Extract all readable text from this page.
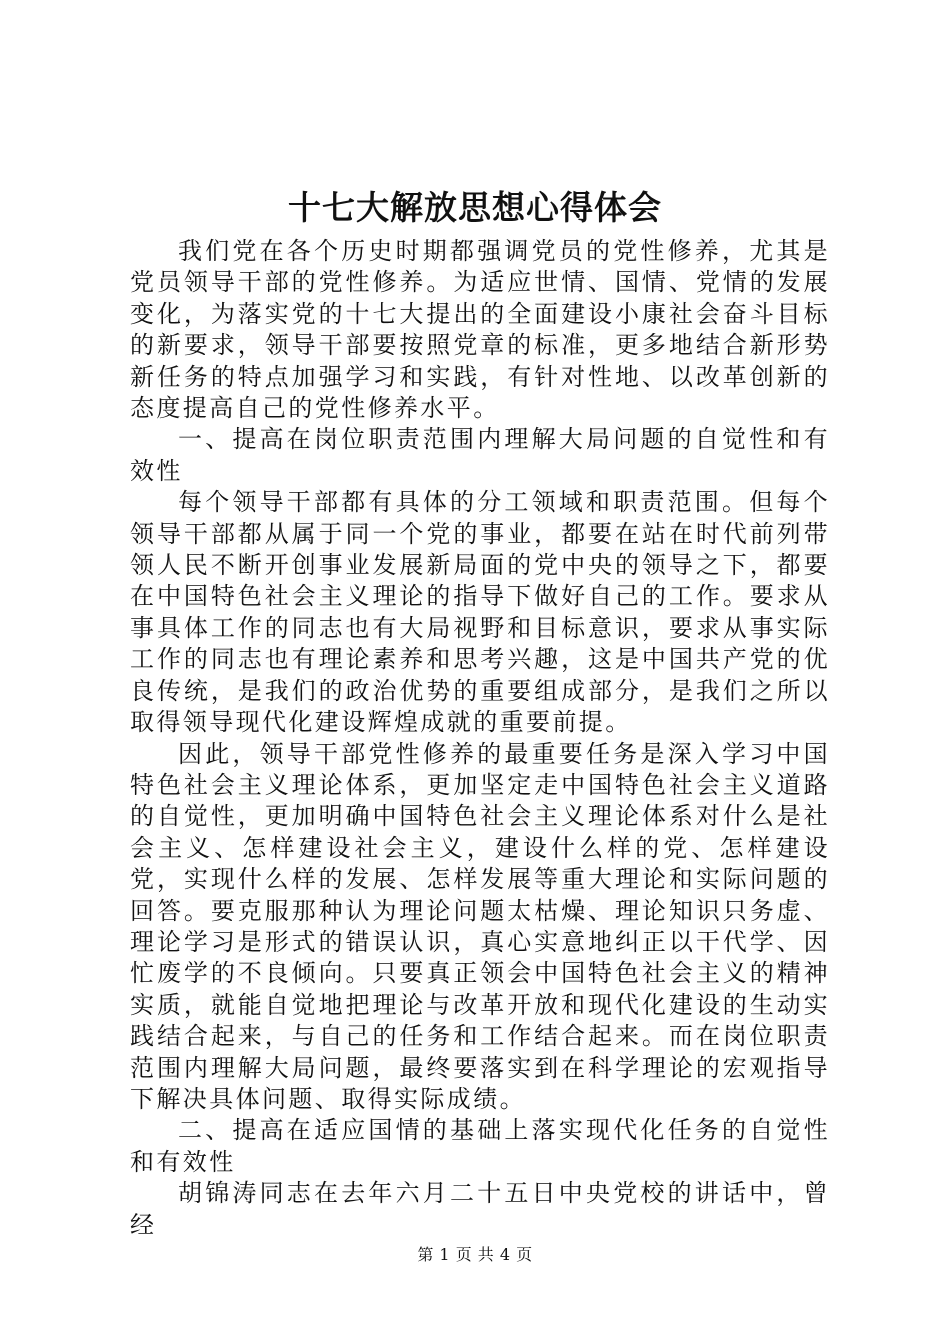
十七大解放思想心得体会

我们党在各个历史时期都强调党员的党性修养，尤其是党员领导干部的党性修养。为适应世情、国情、党情的发展变化，为落实党的十七大提出的全面建设小康社会奋斗目标的新要求，领导干部要按照党章的标准，更多地结合新形势新任务的特点加强学习和实践，有针对性地、以改革创新的态度提高自己的党性修养水平。

一、提高在岗位职责范围内理解大局问题的自觉性和有效性

每个领导干部都有具体的分工领域和职责范围。但每个领导干部都从属于同一个党的事业，都要在站在时代前列带领人民不断开创事业发展新局面的党中央的领导之下，都要在中国特色社会主义理论的指导下做好自己的工作。要求从事具体工作的同志也有大局视野和目标意识，要求从事实际工作的同志也有理论素养和思考兴趣，这是中国共产党的优良传统，是我们的政治优势的重要组成部分，是我们之所以取得领导现代化建设辉煌成就的重要前提。

因此，领导干部党性修养的最重要任务是深入学习中国特色社会主义理论体系，更加坚定走中国特色社会主义道路的自觉性，更加明确中国特色社会主义理论体系对什么是社会主义、怎样建设社会主义，建设什么样的党、怎样建设党，实现什么样的发展、怎样发展等重大理论和实际问题的回答。要克服那种认为理论问题太枯燥、理论知识只务虚、理论学习是形式的错误认识，真心实意地纠正以干代学、因忙废学的不良倾向。只要真正领会中国特色社会主义的精神实质，就能自觉地把理论与改革开放和现代化建设的生动实践结合起来，与自己的任务和工作结合起来。而在岗位职责范围内理解大局问题，最终要落实到在科学理论的宏观指导下解决具体问题、取得实际成绩。

二、提高在适应国情的基础上落实现代化任务的自觉性和有效性

胡锦涛同志在去年六月二十五日中央党校的讲话中，曾经

第 1 页 共 4 页
